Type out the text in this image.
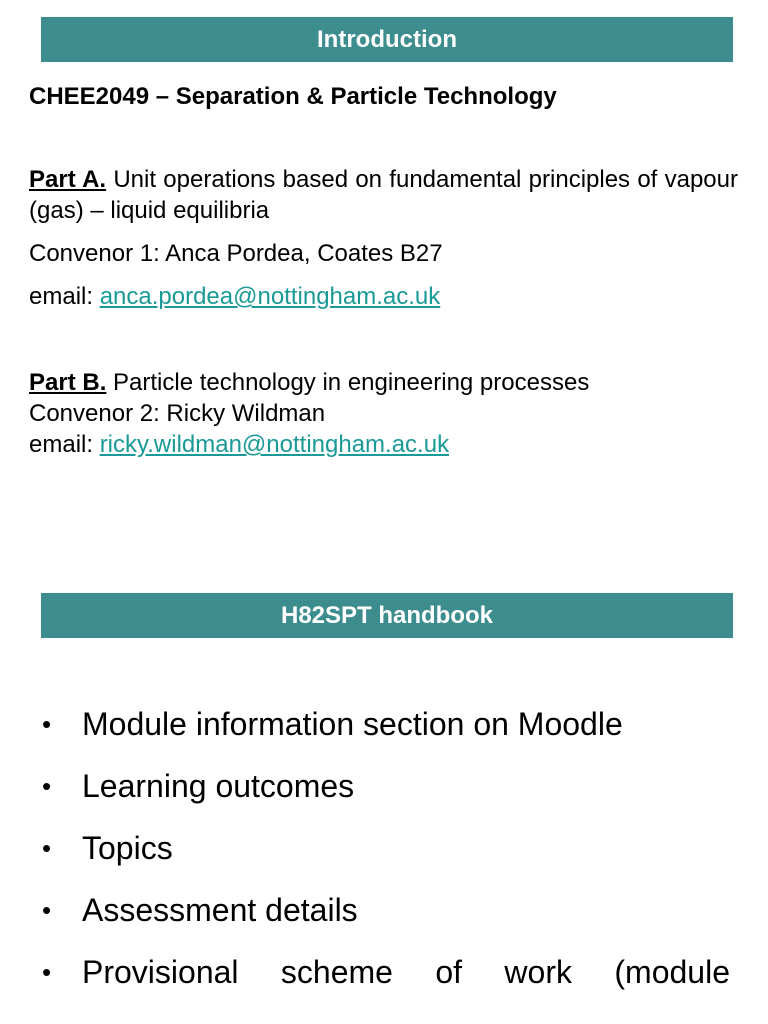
Introduction
CHEE2049 – Separation & Particle Technology

Part A. Unit operations based on fundamental principles of vapour (gas) – liquid equilibria

Convenor 1: Anca Pordea, Coates B27

email: anca.pordea@nottingham.ac.uk

Part B. Particle technology in engineering processes
Convenor 2: Ricky Wildman
email: ricky.wildman@nottingham.ac.uk
H82SPT handbook
• Module information section on Moodle
• Learning outcomes
• Topics
• Assessment details
• Provisional scheme of work (module
